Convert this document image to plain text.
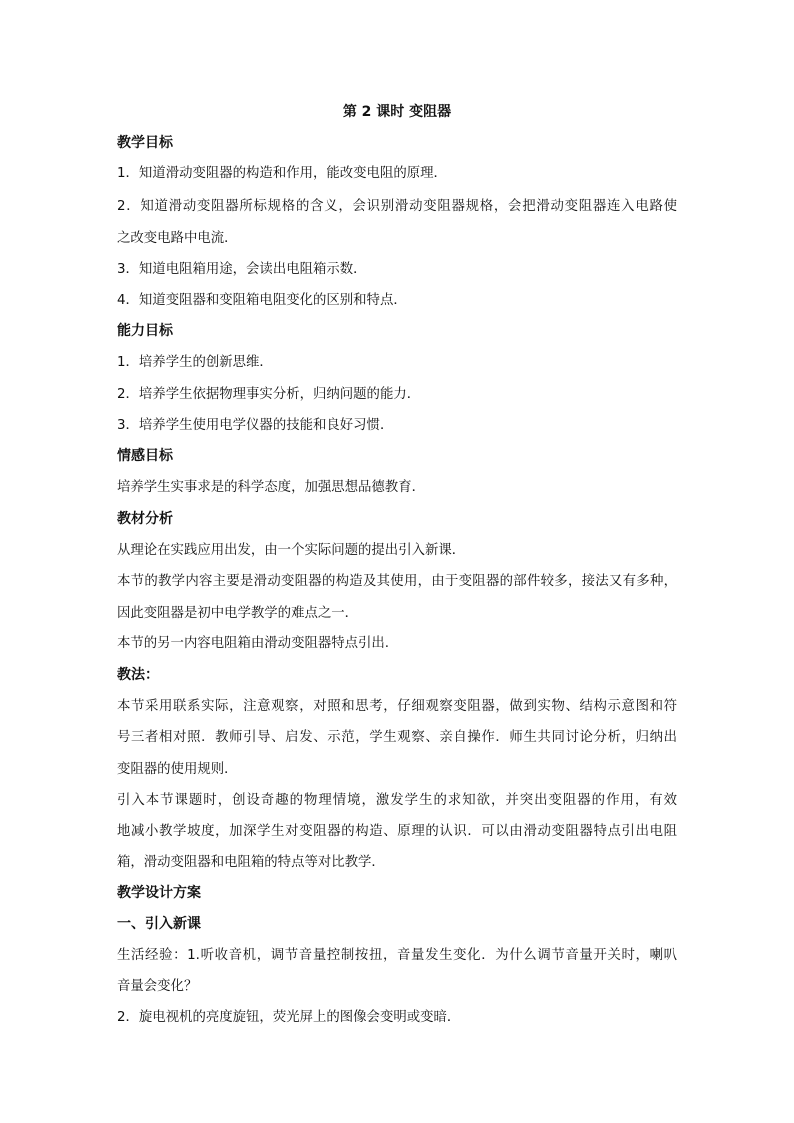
第 2 课时 变阻器
教学目标
1．知道滑动变阻器的构造和作用，能改变电阻的原理．
2．知道滑动变阻器所标规格的含义，会识别滑动变阻器规格，会把滑动变阻器连入电路使
之改变电路中电流．
3．知道电阻箱用途，会读出电阻箱示数．
4．知道变阻器和变阻箱电阻变化的区别和特点．
能力目标
1．培养学生的创新思维．
2．培养学生依据物理事实分析，归纳问题的能力．
3．培养学生使用电学仪器的技能和良好习惯．
情感目标
培养学生实事求是的科学态度，加强思想品德教育．
教材分析
从理论在实践应用出发，由一个实际问题的提出引入新课．
本节的教学内容主要是滑动变阻器的构造及其使用，由于变阻器的部件较多，接法又有多种，
因此变阻器是初中电学教学的难点之一．
本节的另一内容电阻箱由滑动变阻器特点引出.
教法：
本节采用联系实际，注意观察，对照和思考，仔细观察变阻器，做到实物、结构示意图和符
号三者相对照．教师引导、启发、示范，学生观察、亲自操作．师生共同讨论分析，归纳出
变阻器的使用规则．
引入本节课题时，创设奇趣的物理情境，激发学生的求知欲，并突出变阻器的作用，有效
地减小教学坡度，加深学生对变阻器的构造、原理的认识．可以由滑动变阻器特点引出电阻
箱，滑动变阻器和电阻箱的特点等对比教学．
教学设计方案
一、引入新课
生活经验：1.听收音机，调节音量控制按扭，音量发生变化．为什么调节音量开关时，喇叭
音量会变化？
2．旋电视机的亮度旋钮，荧光屏上的图像会变明或变暗．
